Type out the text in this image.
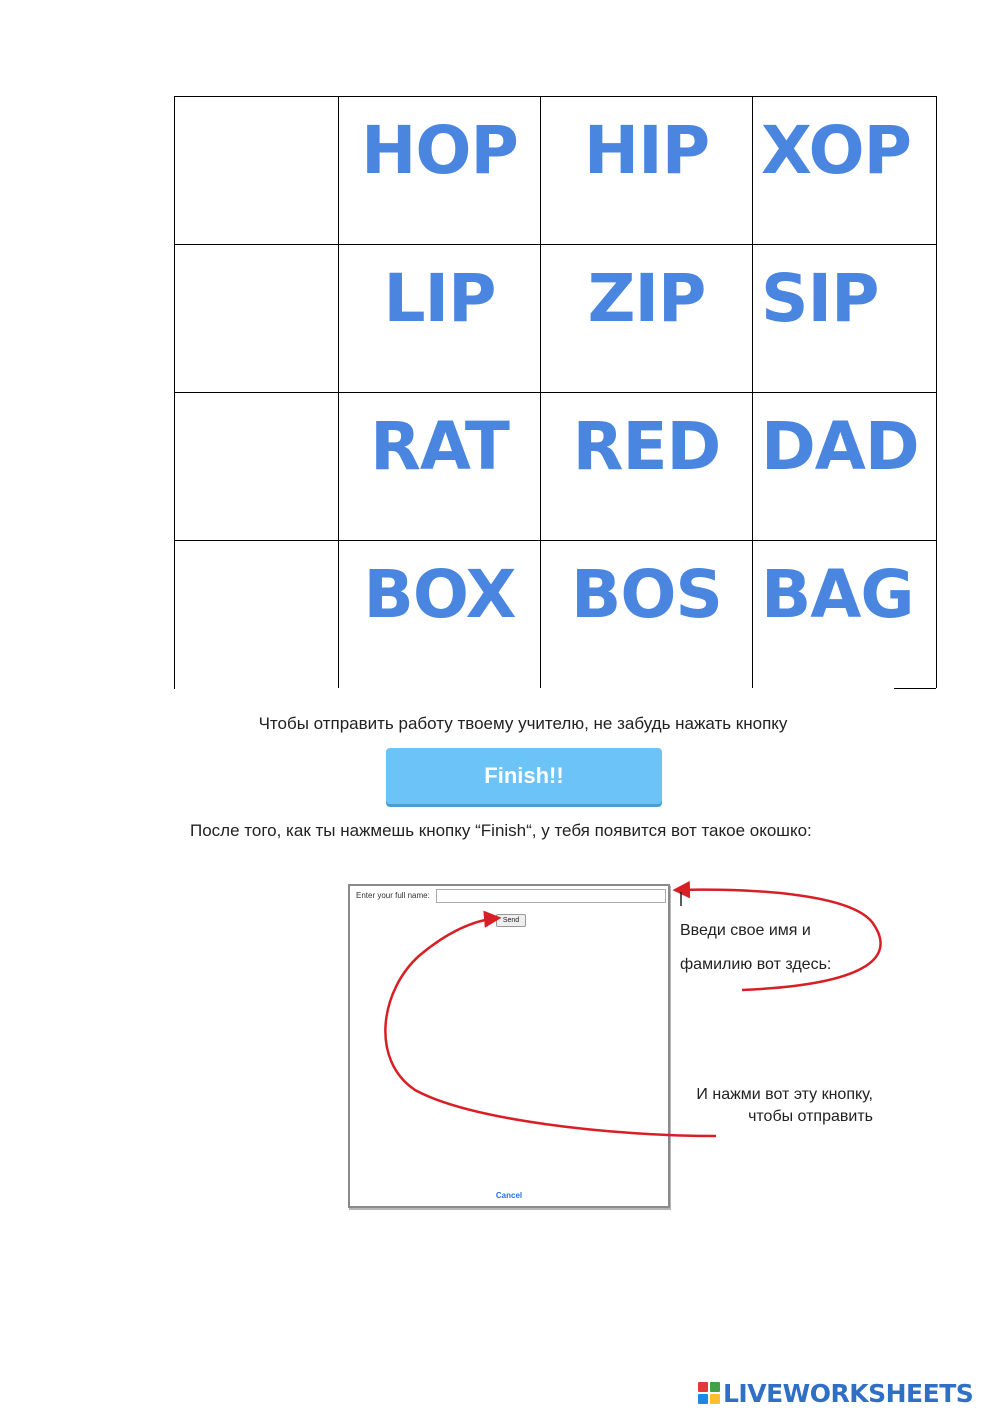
HOP	HIP XOP
LIP	ZIP SIP
RAT RED DAD
BOX BOS BAG
Чтобы отправить работу твоему учителю, не забудь нажать кнопку
Finish!!
После того, как ты нажмешь кнопку “Finish“, у тебя появится вот такое окошко:
Enter your full name:
Send
Cancel
Введи свое имя и фамилию вот здесь:
И нажми вот эту кнопку, чтобы отправить
LIVEWORKSHEETS
